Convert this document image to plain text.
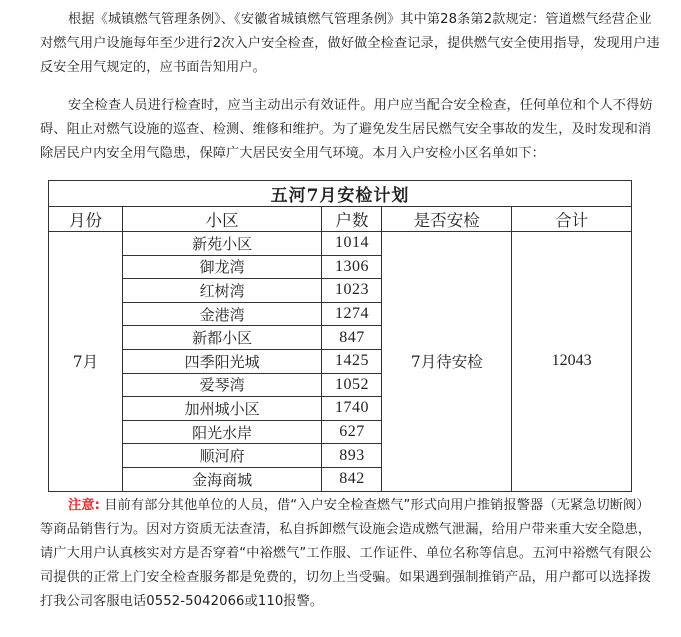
根据《城镇燃气管理条例》、《安徽省城镇燃气管理条例》其中第28条第2款规定：管道燃气经营企业对燃气用户设施每年至少进行2次入户安全检查，做好做全检查记录，提供燃气安全使用指导，发现用户违反安全用气规定的，应书面告知用户。

安全检查人员进行检查时，应当主动出示有效证件。用户应当配合安全检查，任何单位和个人不得妨碍、阻止对燃气设施的巡查、检测、维修和维护。为了避免发生居民燃气安全事故的发生，及时发现和消除居民户内安全用气隐患，保障广大居民安全用气环境。本月入户安检小区名单如下：

五河7月安检计划				
月份	小区	户数	是否安检	合计
7月	新苑小区	1014	7月待安检	12043
	御龙湾	1306		
	红树湾	1023		
	金港湾	1274		
	新都小区	847		
	四季阳光城	1425		
	爱琴湾	1052		
	加州城小区	1740		
	阳光水岸	627		
	顺河府	893		
	金海商城	842		

注意: 目前有部分其他单位的人员，借“入户安全检查燃气”形式向用户推销报警器（无紧急切断阀）等商品销售行为。因对方资质无法查清，私自拆卸燃气设施会造成燃气泄漏，给用户带来重大安全隐患，请广大用户认真核实对方是否穿着“中裕燃气”工作服、工作证件、单位名称等信息。五河中裕燃气有限公司提供的正常上门安全检查服务都是免费的，切勿上当受骗。如果遇到强制推销产品，用户都可以选择拨打我公司客服电话0552-5042066或110报警。
